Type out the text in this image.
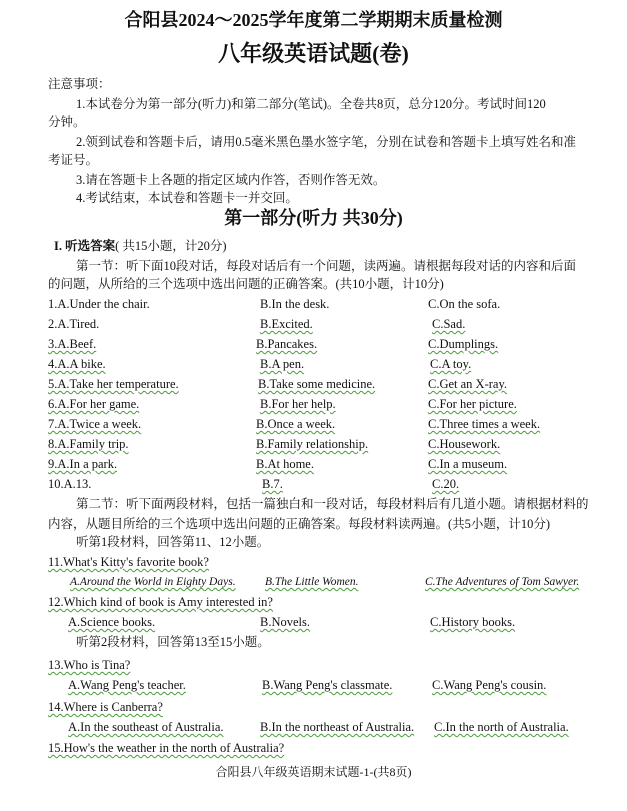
合阳县2024～2025学年度第二学期期末质量检测
八年级英语试题(卷)
注意事项：
1.本试卷分为第一部分(听力)和第二部分(笔试)。全卷共8页，总分120分。考试时间120
分钟。
2.领到试卷和答题卡后，请用0.5毫米黑色墨水签字笔，分别在试卷和答题卡上填写姓名和准
考证号。
3.请在答题卡上各题的指定区域内作答，否则作答无效。
4.考试结束，本试卷和答题卡一并交回。
第一部分(听力 共30分)
I. 听选答案( 共15小题，计20分)
第一节：听下面10段对话，每段对话后有一个问题，读两遍。请根据每段对话的内容和后面
的问题，从所给的三个选项中选出问题的正确答案。(共10小题，计10分)
1.A.Under the chair.	B.In the desk.	C.On the sofa.
2.A.Tired.	B.Excited.	C.Sad.
3.A.Beef.	B.Pancakes.	C.Dumplings.
4.A.A bike.	B.A pen.	C.A toy.
5.A.Take her temperature.	B.Take some medicine.	C.Get an X-ray.
6.A.For her game.	B.For her help.	C.For her picture.
7.A.Twice a week.	B.Once a week.	C.Three times a week.
8.A.Family trip.	B.Family relationship.	C.Housework.
9.A.In a park.	B.At home.	C.In a museum.
10.A.13.	B.7.	C.20.
第二节：听下面两段材料，包括一篇独白和一段对话，每段材料后有几道小题。请根据材料的
内容，从题目所给的三个选项中选出问题的正确答案。每段材料读两遍。(共5小题，计10分)
听第1段材料，回答第11、12小题。
11.What's Kitty's favorite book?
A.Around the World in Eighty Days.	B.The Little Women.	C.The Adventures of Tom Sawyer.
12.Which kind of book is Amy interested in?
A.Science books.	B.Novels.	C.History books.
听第2段材料，回答第13至15小题。
13.Who is Tina?
A.Wang Peng's teacher.	B.Wang Peng's classmate.	C.Wang Peng's cousin.
14.Where is Canberra?
A.In the southeast of Australia.	B.In the northeast of Australia. C.In the north of Australia.
15.How's the weather in the north of Australia?
合阳县八年级英语期末试题-1-(共8页)
